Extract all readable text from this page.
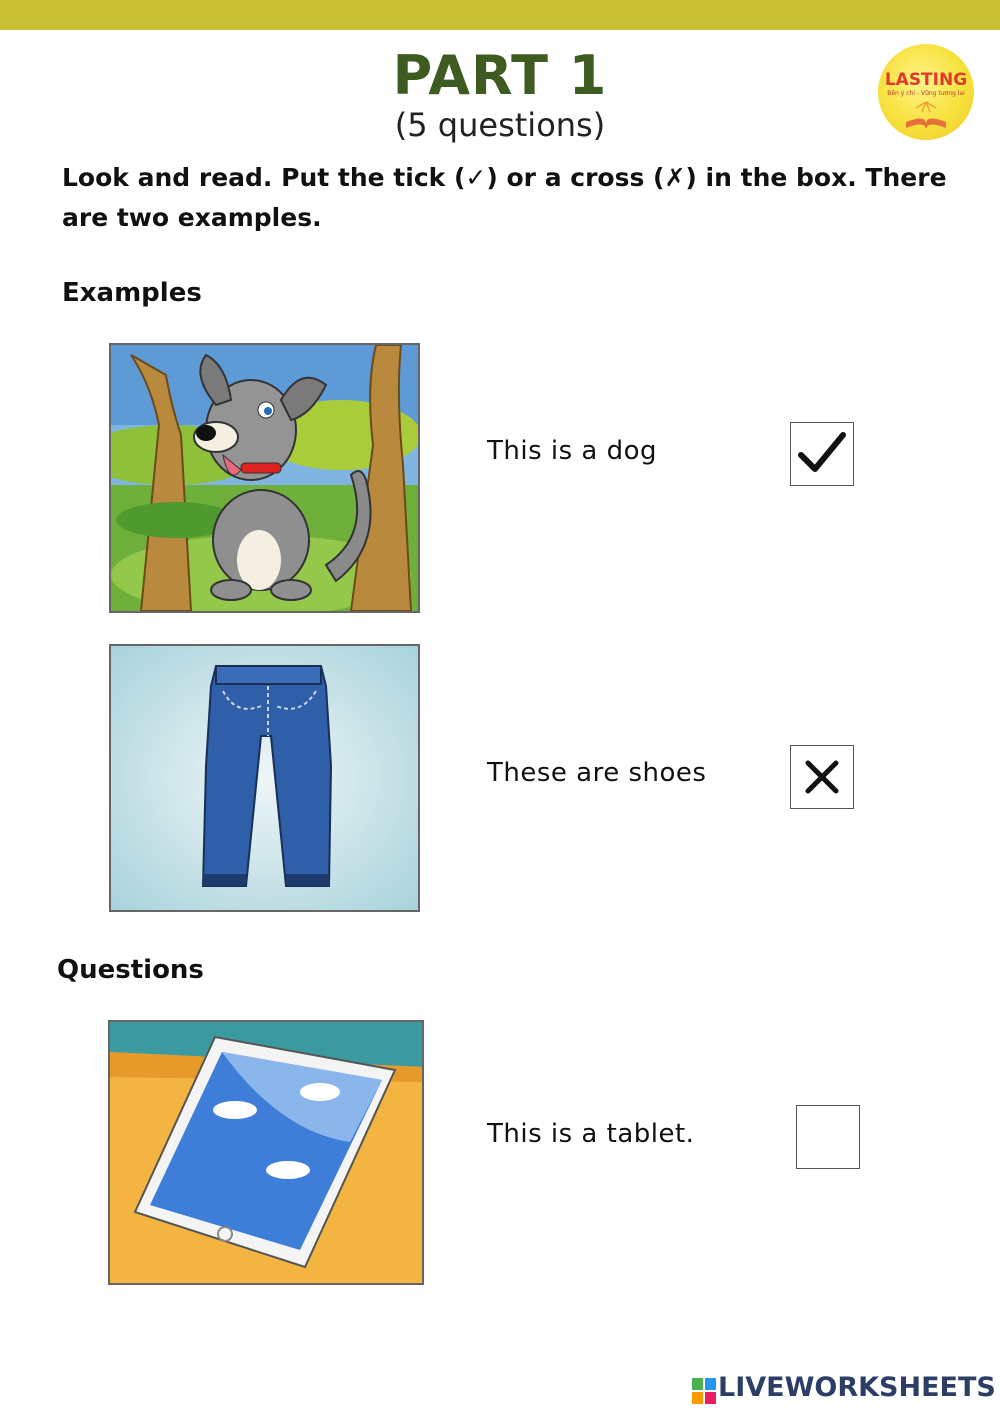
PART 1
(5 questions)
LASTING
Bền ý chí - Vững tương lai
Look and read. Put the tick (✓) or a cross (✗) in the box. There are two examples.
Examples
This is a dog
These are shoes
Questions
This is a tablet.
LIVEWORKSHEETS
